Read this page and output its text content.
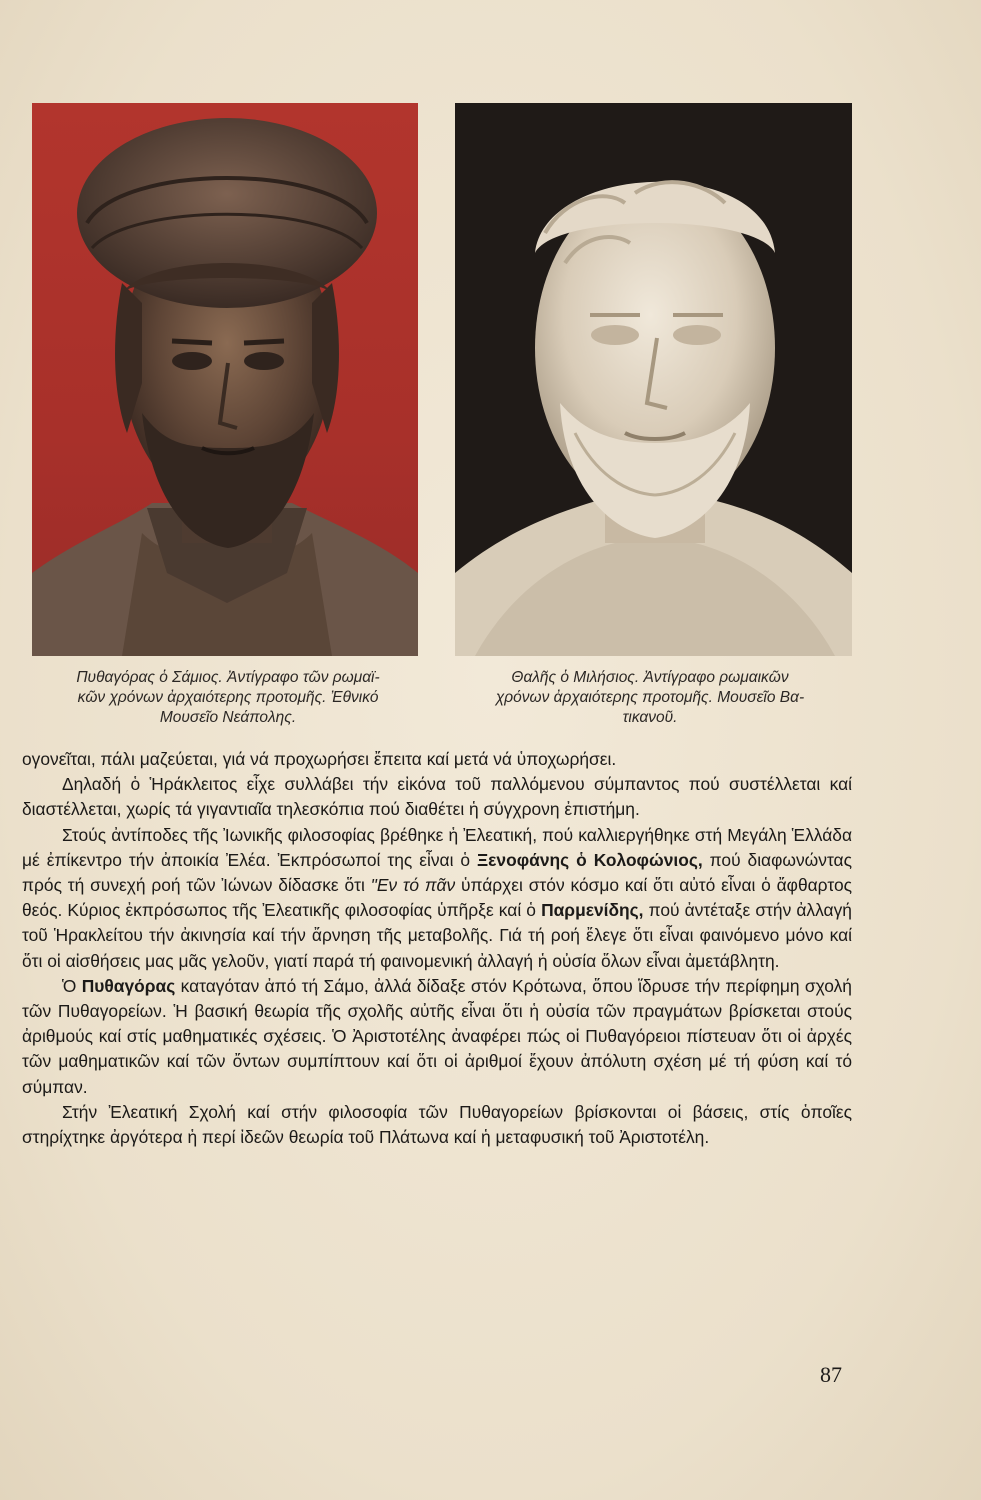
Πυθαγόρας ὁ Σάμιος. Ἀντίγραφο τῶν ρωμαϊ-
κῶν χρόνων ἀρχαιότερης προτομῆς. Ἐθνικό
Μουσεῖο Νεάπολης.
Θαλῆς ὁ Μιλήσιος. Ἀντίγραφο ρωμαικῶν
χρόνων ἀρχαιότερης προτομῆς. Μουσεῖο Βα-
τικανοῦ.

ογονεῖται, πάλι μαζεύεται, γιά νά προχωρήσει ἔπειτα καί μετά νά ὑποχωρήσει.

Δηλαδή ὁ Ἡράκλειτος εἶχε συλλάβει τήν εἰκόνα τοῦ παλλόμενου σύμπαντος πού συστέλλεται καί διαστέλλεται, χωρίς τά γιγαντιαῖα τηλεσκόπια πού διαθέτει ἡ σύγχρονη ἐπιστήμη.

Στούς ἀντίποδες τῆς Ἰωνικῆς φιλοσοφίας βρέθηκε ἡ Ἐλεατική, πού καλλιεργήθηκε στή Μεγάλη Ἑλλάδα μέ ἐπίκεντρο τήν ἀποικία Ἐλέα. Ἐκπρόσωποί της εἶναι ὁ Ξενοφάνης ὁ Κολοφώνιος, πού διαφωνώντας πρός τή συνεχή ροή τῶν Ἰώνων δίδασκε ὅτι "Εν τό πᾶν ὑπάρχει στόν κόσμο καί ὅτι αὐτό εἶναι ὁ ἄφθαρτος θεός. Κύριος ἐκπρόσωπος τῆς Ἐλεατικῆς φιλοσοφίας ὑπῆρξε καί ὁ Παρμενίδης, πού ἀντέταξε στήν ἀλλαγή τοῦ Ἡρακλείτου τήν ἀκινησία καί τήν ἄρνηση τῆς μεταβολῆς. Γιά τή ροή ἔλεγε ὅτι εἶναι φαινόμενο μόνο καί ὅτι οἱ αἰσθήσεις μας μᾶς γελοῦν, γιατί παρά τή φαινομενική ἀλλαγή ἡ οὐσία ὅλων εἶναι ἀμετάβλητη.

Ὁ Πυθαγόρας καταγόταν ἀπό τή Σάμο, ἀλλά δίδαξε στόν Κρότωνα, ὅπου ἵδρυσε τήν περίφημη σχολή τῶν Πυθαγορείων. Ἡ βασική θεωρία τῆς σχολῆς αὐτῆς εἶναι ὅτι ἡ οὐσία τῶν πραγμάτων βρίσκεται στούς ἀριθμούς καί στίς μαθηματικές σχέσεις. Ὁ Ἀριστοτέλης ἀναφέρει πώς οἱ Πυθαγόρειοι πίστευαν ὅτι οἱ ἀρχές τῶν μαθηματικῶν καί τῶν ὄντων συμπίπτουν καί ὅτι οἱ ἀριθμοί ἔχουν ἀπόλυτη σχέση μέ τή φύση καί τό σύμπαν.

Στήν Ἐλεατική Σχολή καί στήν φιλοσοφία τῶν Πυθαγορείων βρίσκονται οἱ βάσεις, στίς ὁποῖες στηρίχτηκε ἀργότερα ἡ περί ἰδεῶν θεωρία τοῦ Πλάτωνα καί ἡ μεταφυσική τοῦ Ἀριστοτέλη.

87
